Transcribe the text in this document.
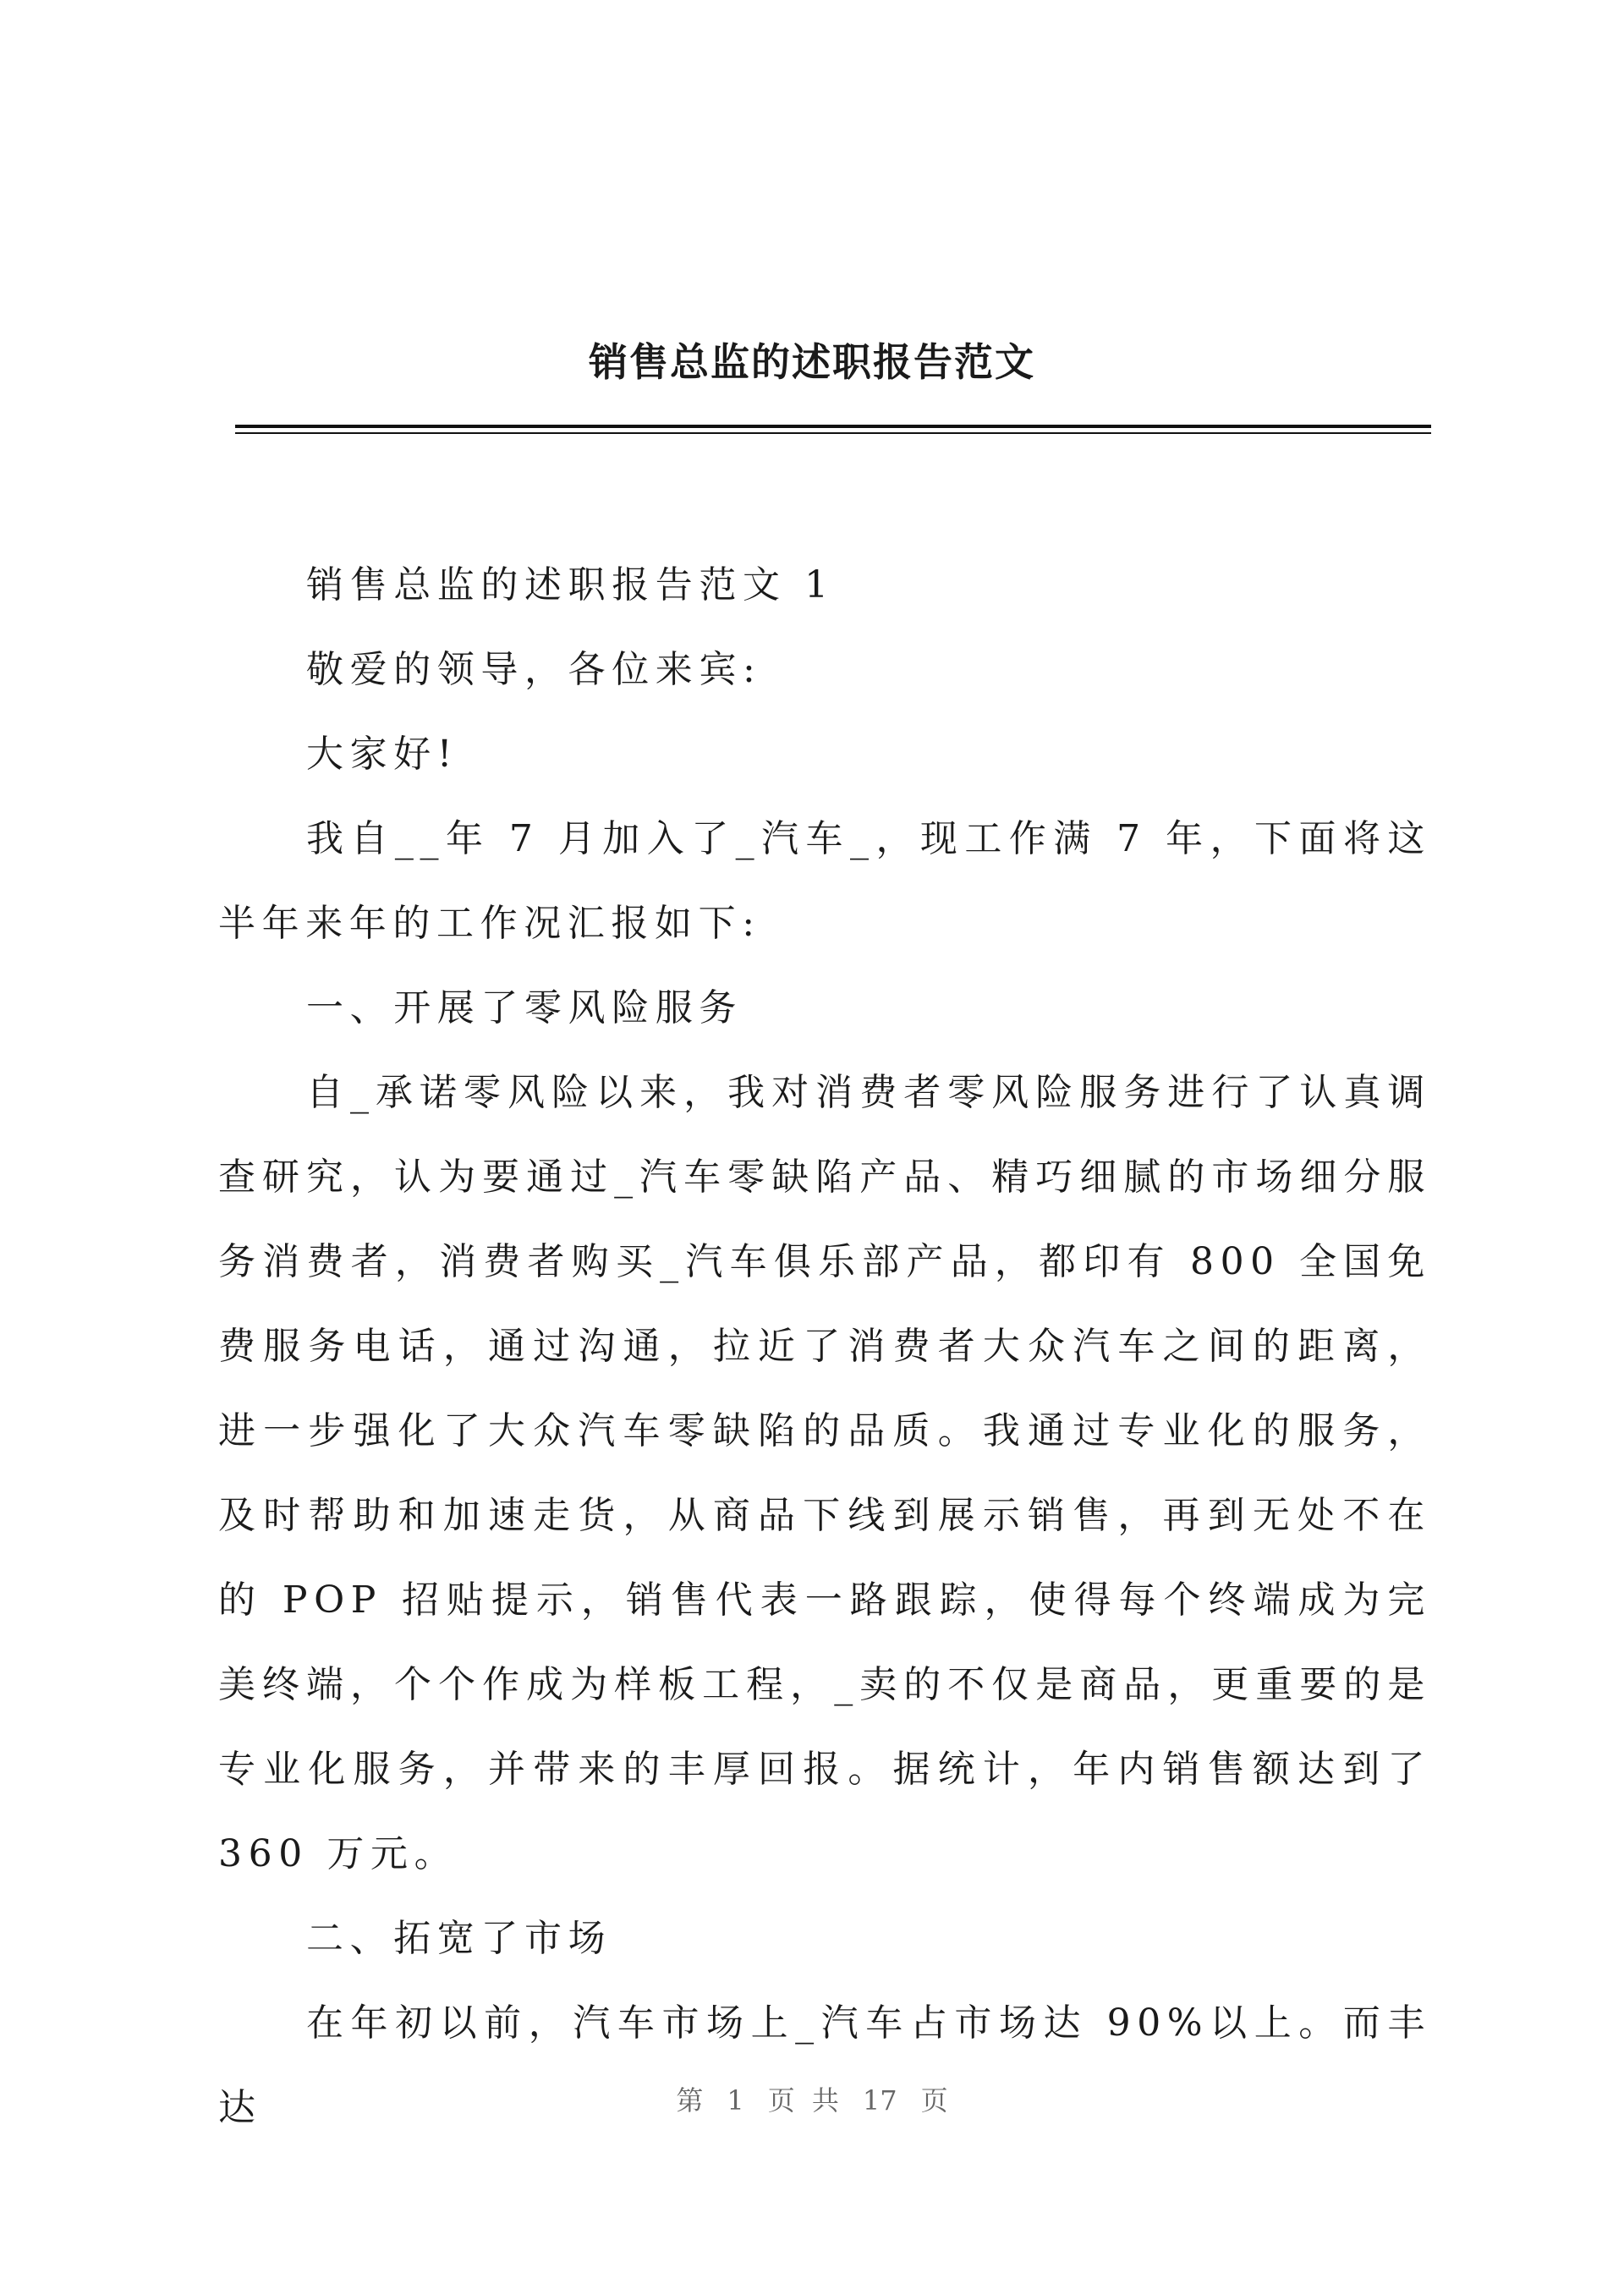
销售总监的述职报告范文

销售总监的述职报告范文 1

敬爱的领导，各位来宾:

大家好!

我自__年 7 月加入了_汽车_，现工作满 7 年，下面将这半年来年的工作况汇报如下:

一、开展了零风险服务

自_承诺零风险以来，我对消费者零风险服务进行了认真调查研究，认为要通过_汽车零缺陷产品、精巧细腻的市场细分服务消费者，消费者购买_汽车俱乐部产品，都印有 800 全国免费服务电话，通过沟通，拉近了消费者大众汽车之间的距离，进一步强化了大众汽车零缺陷的品质。我通过专业化的服务，及时帮助和加速走货，从商品下线到展示销售，再到无处不在的 POP 招贴提示，销售代表一路跟踪，使得每个终端成为完美终端，个个作成为样板工程，_卖的不仅是商品，更重要的是专业化服务，并带来的丰厚回报。据统计，年内销售额达到了 360 万元。

二、拓宽了市场

在年初以前，汽车市场上_汽车占市场达 90%以上。而丰达	第 1 页 共 17 页
